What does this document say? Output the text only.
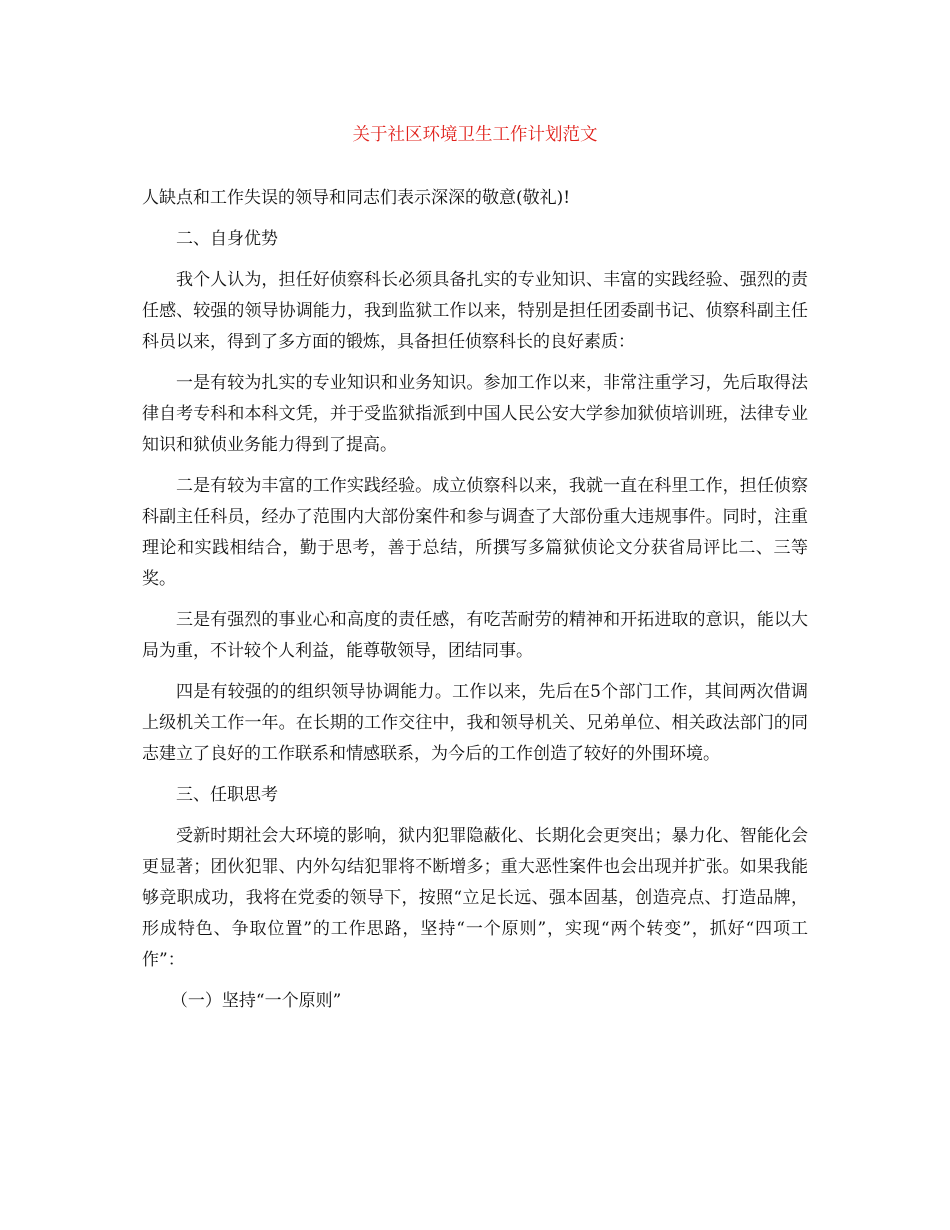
关于社区环境卫生工作计划范文

人缺点和工作失误的领导和同志们表示深深的敬意(敬礼)!

二、自身优势

我个人认为，担任好侦察科长必须具备扎实的专业知识、丰富的实践经验、强烈的责任感、较强的领导协调能力，我到监狱工作以来，特别是担任团委副书记、侦察科副主任科员以来，得到了多方面的锻炼，具备担任侦察科长的良好素质：

一是有较为扎实的专业知识和业务知识。参加工作以来，非常注重学习，先后取得法律自考专科和本科文凭，并于受监狱指派到中国人民公安大学参加狱侦培训班，法律专业知识和狱侦业务能力得到了提高。

二是有较为丰富的工作实践经验。成立侦察科以来，我就一直在科里工作，担任侦察科副主任科员，经办了范围内大部份案件和参与调查了大部份重大违规事件。同时，注重理论和实践相结合，勤于思考，善于总结，所撰写多篇狱侦论文分获省局评比二、三等奖。

三是有强烈的事业心和高度的责任感，有吃苦耐劳的精神和开拓进取的意识，能以大局为重，不计较个人利益，能尊敬领导，团结同事。

四是有较强的的组织领导协调能力。工作以来，先后在5个部门工作，其间两次借调上级机关工作一年。在长期的工作交往中，我和领导机关、兄弟单位、相关政法部门的同志建立了良好的工作联系和情感联系，为今后的工作创造了较好的外围环境。

三、任职思考

受新时期社会大环境的影响，狱内犯罪隐蔽化、长期化会更突出；暴力化、智能化会更显著；团伙犯罪、内外勾结犯罪将不断增多；重大恶性案件也会出现并扩张。如果我能够竞职成功，我将在党委的领导下，按照“立足长远、强本固基，创造亮点、打造品牌，形成特色、争取位置”的工作思路，坚持“一个原则”，实现“两个转变”，抓好“四项工作”：

（一）坚持“一个原则”
